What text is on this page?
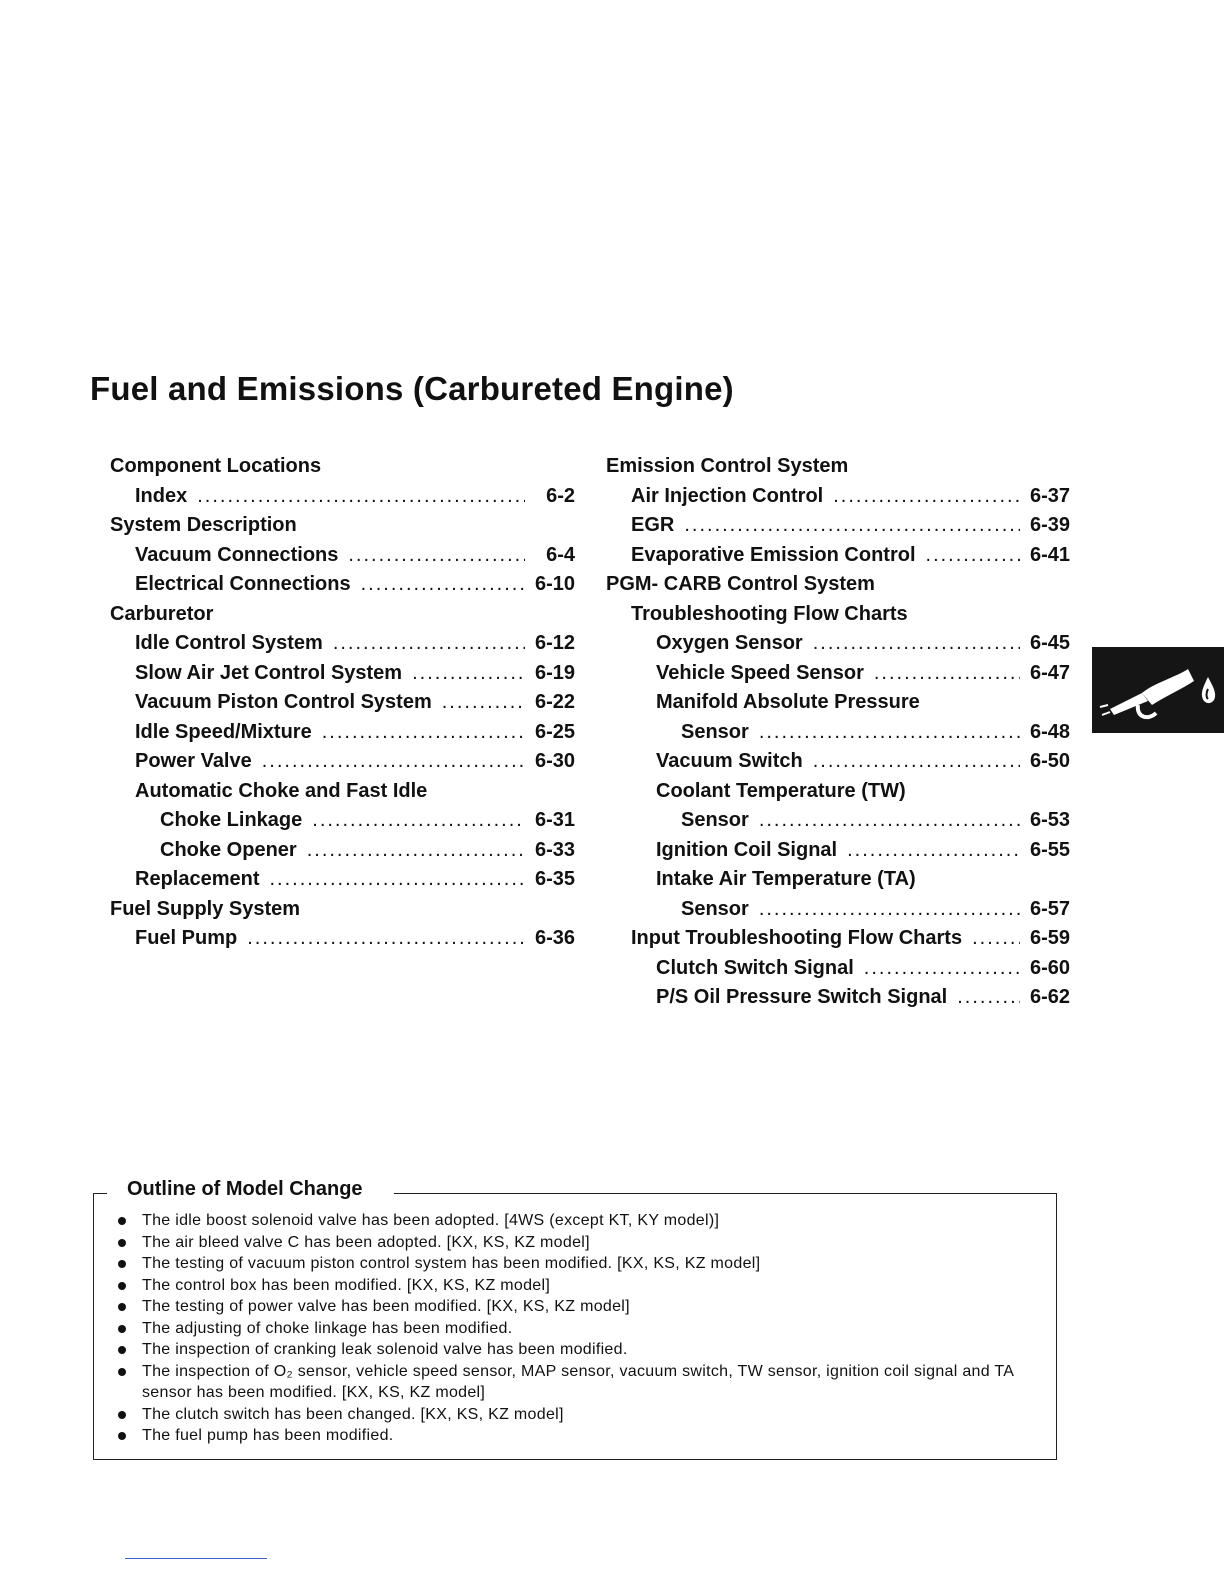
Fuel and Emissions (Carbureted Engine)
Component Locations
Index .....	6-2
System Description
Vacuum Connections .....	6-4
Electrical Connections .....	6-10
Carburetor
Idle Control System .....	6-12
Slow Air Jet Control System .....	6-19
Vacuum Piston Control System .....	6-22
Idle Speed/Mixture .....	6-25
Power Valve .....	6-30
Automatic Choke and Fast Idle
Choke Linkage .....	6-31
Choke Opener .....	6-33
Replacement .....	6-35
Fuel Supply System
Fuel Pump .....	6-36
Emission Control System
Air Injection Control .....	6-37
EGR .....	6-39
Evaporative Emission Control .....	6-41
PGM- CARB Control System
Troubleshooting Flow Charts
Oxygen Sensor .....	6-45
Vehicle Speed Sensor .....	6-47
Manifold Absolute Pressure
Sensor .....	6-48
Vacuum Switch .....	6-50
Coolant Temperature (TW)
Sensor .....	6-53
Ignition Coil Signal .....	6-55
Intake Air Temperature (TA)
Sensor .....	6-57
Input Troubleshooting Flow Charts .....	6-59
Clutch Switch Signal .....	6-60
P/S Oil Pressure Switch Signal .....	6-62
Outline of Model Change
The idle boost solenoid valve has been adopted. [4WS (except KT, KY model)]
The air bleed valve C has been adopted. [KX, KS, KZ model]
The testing of vacuum piston control system has been modified. [KX, KS, KZ model]
The control box has been modified. [KX, KS, KZ model]
The testing of power valve has been modified. [KX, KS, KZ model]
The adjusting of choke linkage has been modified.
The inspection of cranking leak solenoid valve has been modified.
The inspection of O₂ sensor, vehicle speed sensor, MAP sensor, vacuum switch, TW sensor, ignition coil signal and TA sensor has been modified. [KX, KS, KZ model]
The clutch switch has been changed. [KX, KS, KZ model]
The fuel pump has been modified.
